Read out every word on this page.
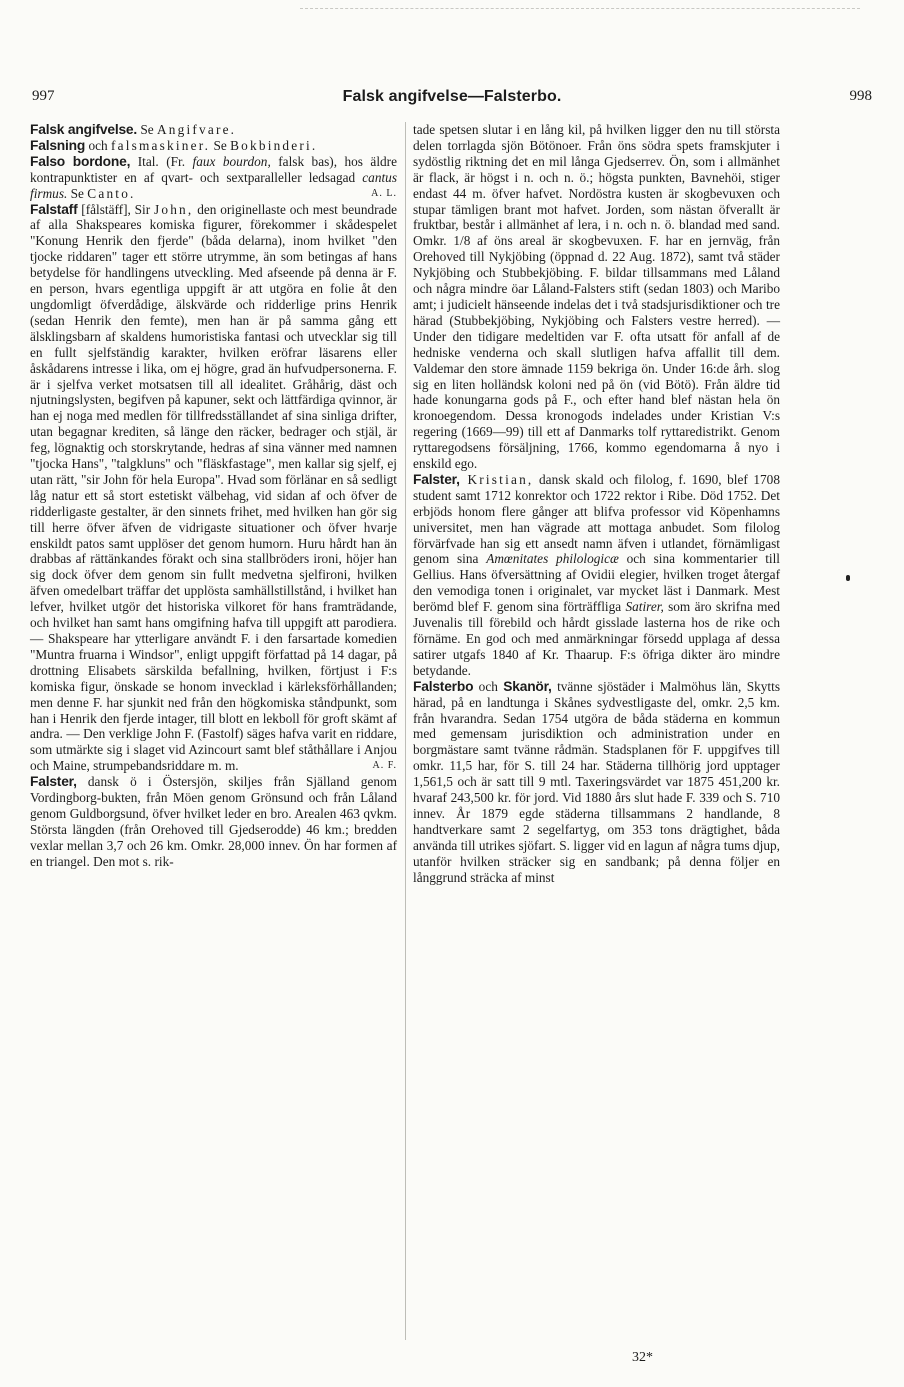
997	Falsk angifvelse—Falsterbo.	998

Falsk angifvelse. Se Angifvare.

Falsning och falsmaskiner. Se Bokbinderi.

Falso bordone, Ital. (Fr. faux bourdon, falsk bas), hos äldre kontrapunktister en af qvart- och sextparalleller ledsagad cantus firmus. Se Canto.	A. L.

Falstaff [fålstäff], Sir John, den originellaste och mest beundrade af alla Shakspeares komiska figurer, förekommer i skådespelet "Konung Henrik den fjerde" (båda delarna), inom hvilket "den tjocke riddaren" tager ett större utrymme, än som betingas af hans betydelse för handlingens utveckling. Med afseende på denna är F. en person, hvars egentliga uppgift är att utgöra en folie åt den ungdomligt öfverdådige, älskvärde och ridderlige prins Henrik (sedan Henrik den femte), men han är på samma gång ett älsklingsbarn af skaldens humoristiska fantasi och utvecklar sig till en fullt sjelfständig karakter, hvilken eröfrar läsarens eller åskådarens intresse i lika, om ej högre, grad än hufvudpersonerna. F. är i sjelfva verket motsatsen till all idealitet. Gråhårig, däst och njutningslysten, begifven på kapuner, sekt och lättfärdiga qvinnor, är han ej noga med medlen för tillfredsställandet af sina sinliga drifter, utan begagnar krediten, så länge den räcker, bedrager och stjäl, är feg, lögnaktig och storskrytande, hedras af sina vänner med namnen "tjocka Hans", "talgkluns" och "fläskfastage", men kallar sig sjelf, ej utan rätt, "sir John för hela Europa". Hvad som förlänar en så sedligt låg natur ett så stort estetiskt välbehag, vid sidan af och öfver de ridderligaste gestalter, är den sinnets frihet, med hvilken han gör sig till herre öfver äfven de vidrigaste situationer och öfver hvarje enskildt patos samt upplöser det genom humorn. Huru hårdt han än drabbas af rättänkandes förakt och sina stallbröders ironi, höjer han sig dock öfver dem genom sin fullt medvetna sjelfironi, hvilken äfven omedelbart träffar det upplösta samhällstillstånd, i hvilket han lefver, hvilket utgör det historiska vilkoret för hans framträdande, och hvilket han samt hans omgifning hafva till uppgift att parodiera. — Shakspeare har ytterligare användt F. i den farsartade komedien "Muntra fruarna i Windsor", enligt uppgift författad på 14 dagar, på drottning Elisabets särskilda befallning, hvilken, förtjust i F:s komiska figur, önskade se honom invecklad i kärleksförhållanden; men denne F. har sjunkit ned från den högkomiska ståndpunkt, som han i Henrik den fjerde intager, till blott en lekboll för groft skämt af andra. — Den verklige John F. (Fastolf) säges hafva varit en riddare, som utmärkte sig i slaget vid Azincourt samt blef ståthållare i Anjou och Maine, strumpebandsriddare m. m.	A. F.

Falster, dansk ö i Östersjön, skiljes från Själland genom Vordingborg-bukten, från Möen genom Grönsund och från Låland genom Guldborgsund, öfver hvilket leder en bro. Arealen 463 qvkm. Största längden (från Orehoved till Gjedserodde) 46 km.; bredden vexlar mellan 3,7 och 26 km. Omkr. 28,000 innev. Ön har formen af en triangel. Den mot s. rik-

tade spetsen slutar i en lång kil, på hvilken ligger den nu till största delen torrlagda sjön Bötönoer. Från öns södra spets framskjuter i sydöstlig riktning det en mil långa Gjedserrev. Ön, som i allmänhet är flack, är högst i n. och n. ö.; högsta punkten, Bavnehöi, stiger endast 44 m. öfver hafvet. Nordöstra kusten är skogbevuxen och stupar tämligen brant mot hafvet. Jorden, som nästan öfverallt är fruktbar, består i allmänhet af lera, i n. och n. ö. blandad med sand. Omkr. 1/8 af öns areal är skogbevuxen. F. har en jernväg, från Orehoved till Nykjöbing (öppnad d. 22 Aug. 1872), samt två städer Nykjöbing och Stubbekjöbing. F. bildar tillsammans med Låland och några mindre öar Låland-Falsters stift (sedan 1803) och Maribo amt; i judicielt hänseende indelas det i två stadsjurisdiktioner och tre härad (Stubbekjöbing, Nykjöbing och Falsters vestre herred). — Under den tidigare medeltiden var F. ofta utsatt för anfall af de hedniske venderna och skall slutligen hafva affallit till dem. Valdemar den store ämnade 1159 bekriga ön. Under 16:de årh. slog sig en liten holländsk koloni ned på ön (vid Bötö). Från äldre tid hade konungarna gods på F., och efter hand blef nästan hela ön kronoegendom. Dessa kronogods indelades under Kristian V:s regering (1669—99) till ett af Danmarks tolf ryttaredistrikt. Genom ryttaregodsens försäljning, 1766, kommo egendomarna å nyo i enskild ego.

Falster, Kristian, dansk skald och filolog, f. 1690, blef 1708 student samt 1712 konrektor och 1722 rektor i Ribe. Död 1752. Det erbjöds honom flere gånger att blifva professor vid Köpenhamns universitet, men han vägrade att mottaga anbudet. Som filolog förvärfvade han sig ett ansedt namn äfven i utlandet, förnämligast genom sina Amœnitates philologicæ och sina kommentarier till Gellius. Hans öfversättning af Ovidii elegier, hvilken troget återgaf den vemodiga tonen i originalet, var mycket läst i Danmark. Mest berömd blef F. genom sina förträffliga Satirer, som äro skrifna med Juvenalis till förebild och hårdt gisslade lasterna hos de rike och förnäme. En god och med anmärkningar försedd upplaga af dessa satirer utgafs 1840 af Kr. Thaarup. F:s öfriga dikter äro mindre betydande.

Falsterbo och Skanör, tvänne sjöstäder i Malmöhus län, Skytts härad, på en landtunga i Skånes sydvestligaste del, omkr. 2,5 km. från hvarandra. Sedan 1754 utgöra de båda städerna en kommun med gemensam jurisdiktion och administration under en borgmästare samt tvänne rådmän. Stadsplanen för F. uppgifves till omkr. 11,5 har, för S. till 24 har. Städerna tillhörig jord upptager 1,561,5 och är satt till 9 mtl. Taxeringsvärdet var 1875 451,200 kr. hvaraf 243,500 kr. för jord. Vid 1880 års slut hade F. 339 och S. 710 innev. År 1879 egde städerna tillsammans 2 handlande, 8 handtverkare samt 2 segelfartyg, om 353 tons drägtighet, båda använda till utrikes sjöfart. S. ligger vid en lagun af några tums djup, utanför hvilken sträcker sig en sandbank; på denna följer en långgrund sträcka af minst

32*
